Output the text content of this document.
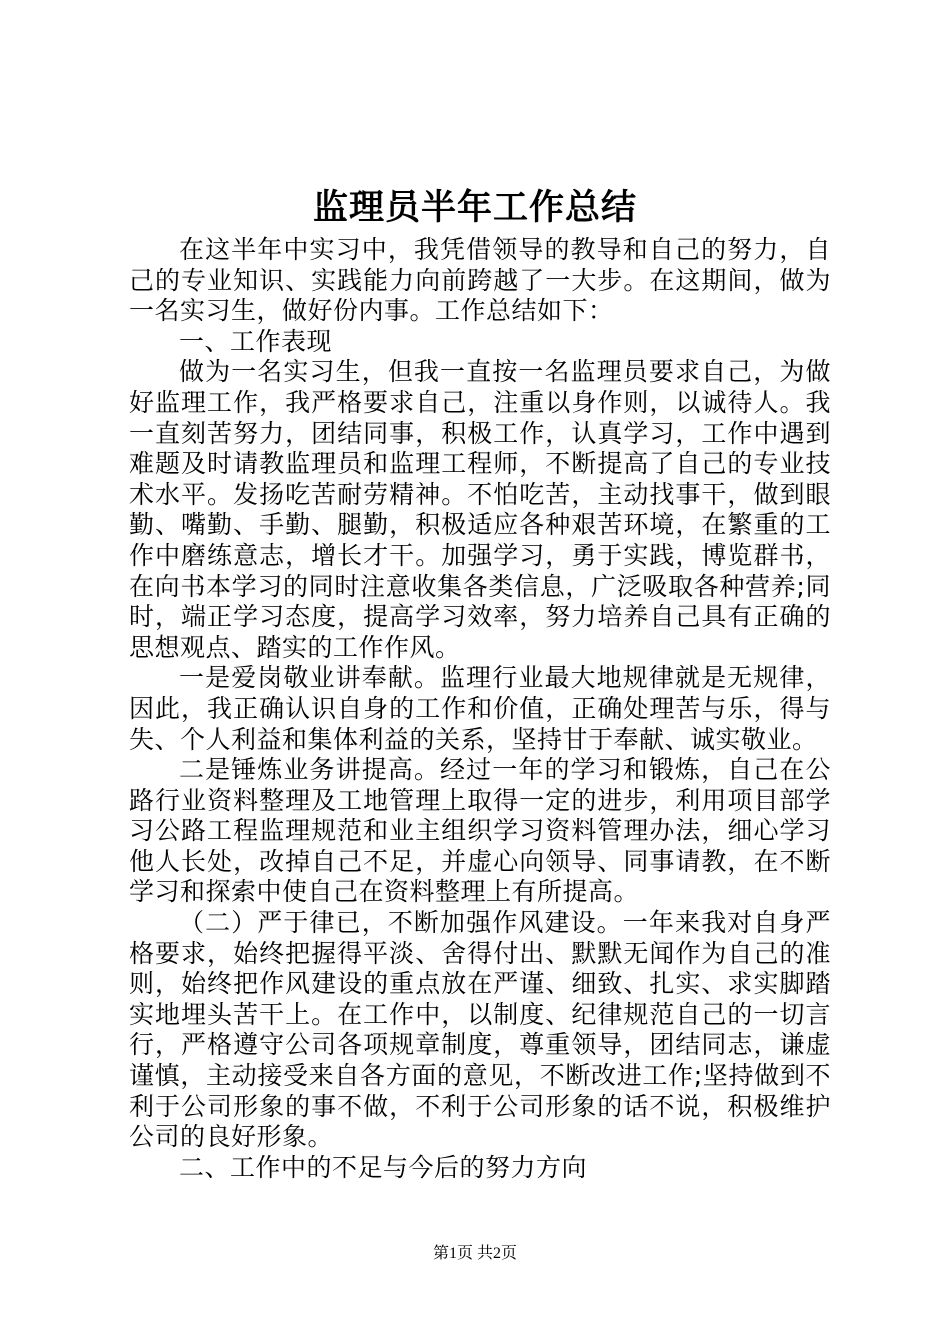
监理员半年工作总结

在这半年中实习中，我凭借领导的教导和自己的努力，自己的专业知识、实践能力向前跨越了一大步。在这期间，做为一名实习生，做好份内事。工作总结如下：

一、工作表现

做为一名实习生，但我一直按一名监理员要求自己，为做好监理工作，我严格要求自己，注重以身作则，以诚待人。我一直刻苦努力，团结同事，积极工作，认真学习，工作中遇到难题及时请教监理员和监理工程师，不断提高了自己的专业技术水平。发扬吃苦耐劳精神。不怕吃苦，主动找事干，做到眼勤、嘴勤、手勤、腿勤，积极适应各种艰苦环境，在繁重的工作中磨练意志，增长才干。加强学习，勇于实践，博览群书，在向书本学习的同时注意收集各类信息，广泛吸取各种营养;同时，端正学习态度，提高学习效率，努力培养自己具有正确的思想观点、踏实的工作作风。

一是爱岗敬业讲奉献。监理行业最大地规律就是无规律，因此，我正确认识自身的工作和价值，正确处理苦与乐，得与失、个人利益和集体利益的关系，坚持甘于奉献、诚实敬业。

二是锤炼业务讲提高。经过一年的学习和锻炼，自己在公路行业资料整理及工地管理上取得一定的进步，利用项目部学习公路工程监理规范和业主组织学习资料管理办法，细心学习他人长处，改掉自己不足，并虚心向领导、同事请教，在不断学习和探索中使自己在资料整理上有所提高。

（二）严于律已，不断加强作风建设。一年来我对自身严格要求，始终把握得平淡、舍得付出、默默无闻作为自己的准则，始终把作风建设的重点放在严谨、细致、扎实、求实脚踏实地埋头苦干上。在工作中，以制度、纪律规范自己的一切言行，严格遵守公司各项规章制度，尊重领导，团结同志，谦虚谨慎，主动接受来自各方面的意见，不断改进工作;坚持做到不利于公司形象的事不做，不利于公司形象的话不说，积极维护公司的良好形象。

二、工作中的不足与今后的努力方向

第1页 共2页
